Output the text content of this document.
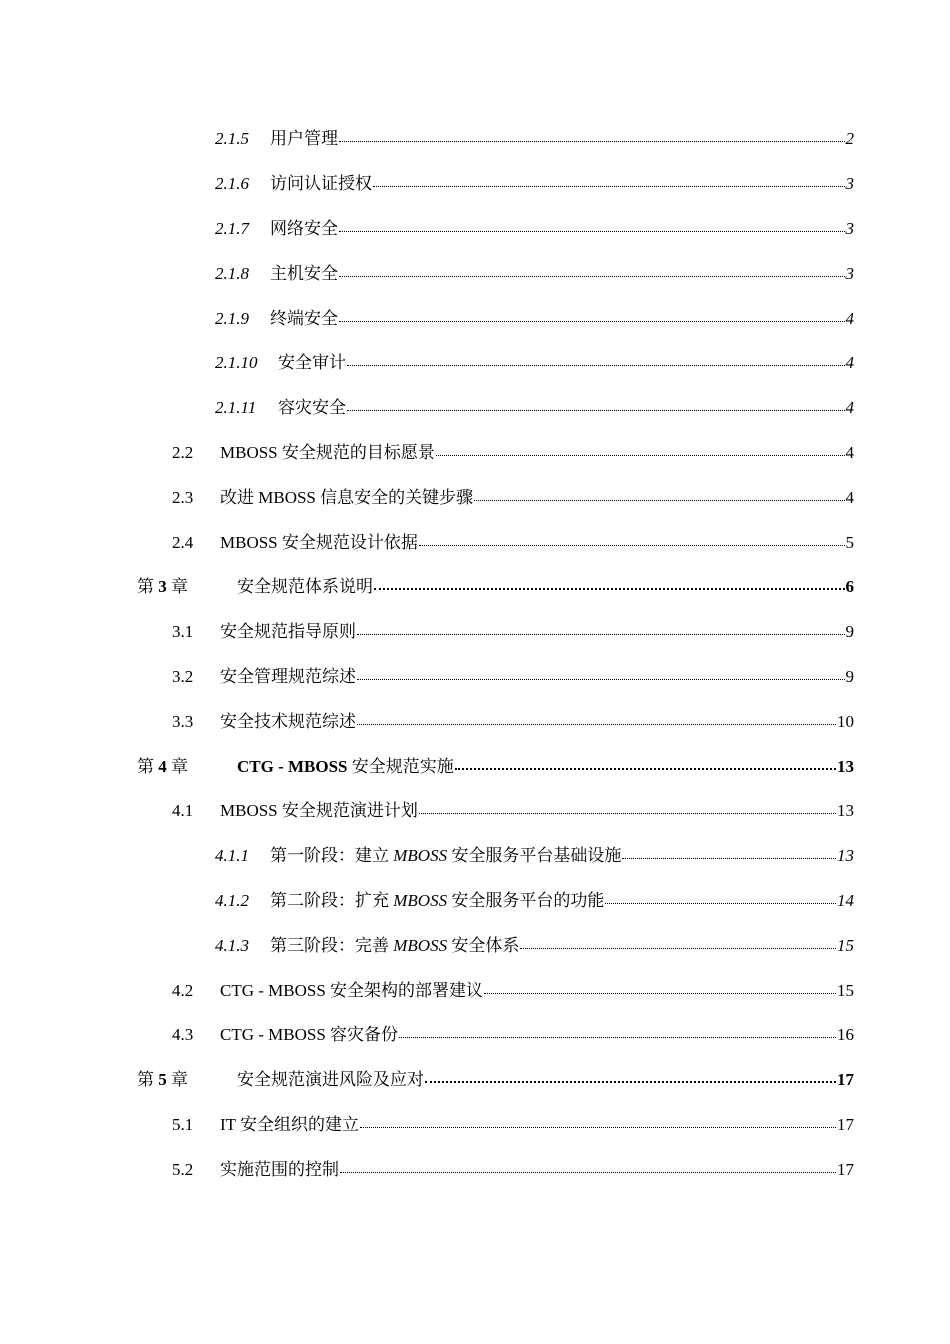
2.1.5	用户管理	2
2.1.6	访问认证授权	3
2.1.7	网络安全	3
2.1.8	主机安全	3
2.1.9	终端安全	4
2.1.10	安全审计	4
2.1.11	容灾安全	4
2.2	MBOSS 安全规范的目标愿景	4
2.3	改进 MBOSS 信息安全的关键步骤	4
2.4	MBOSS 安全规范设计依据	5
第 3 章	安全规范体系说明	6
3.1	安全规范指导原则	9
3.2	安全管理规范综述	9
3.3	安全技术规范综述	10
第 4 章	CTG - MBOSS 安全规范实施	13
4.1	MBOSS 安全规范演进计划	13
4.1.1	第一阶段：建立 MBOSS 安全服务平台基础设施	13
4.1.2	第二阶段：扩充 MBOSS 安全服务平台的功能	14
4.1.3	第三阶段：完善 MBOSS 安全体系	15
4.2	CTG - MBOSS 安全架构的部署建议	15
4.3	CTG - MBOSS 容灾备份	16
第 5 章	安全规范演进风险及应对	17
5.1	IT 安全组织的建立	17
5.2	实施范围的控制	17
